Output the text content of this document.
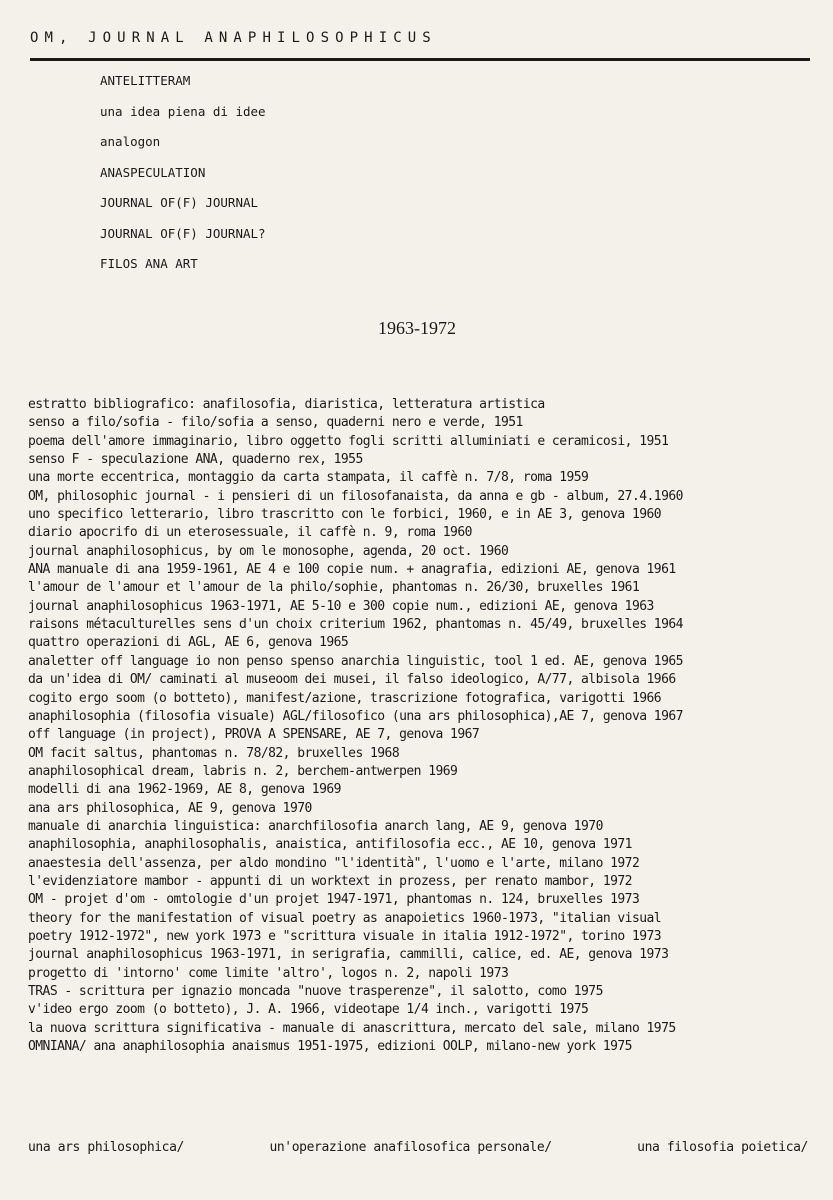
OM, JOURNAL ANAPHILOSOPHICUS
ANTELITTERAM
una idea piena di idee
analogon
ANASPECULATION
JOURNAL OF(F) JOURNAL
JOURNAL OF(F) JOURNAL?
FILOS ANA ART
1963-1972
estratto bibliografico: anafilosofia, diaristica, letteratura artistica
senso a filo/sofia - filo/sofia a senso, quaderni nero e verde, 1951
poema dell'amore immaginario, libro oggetto fogli scritti alluminiati e ceramicosi, 1951
senso F - speculazione ANA, quaderno rex, 1955
una morte eccentrica, montaggio da carta stampata, il caffè n. 7/8, roma 1959
OM, philosophic journal - i pensieri di un filosofanaista, da anna e gb - album, 27.4.1960
uno specifico letterario, libro trascritto con le forbici, 1960, e in AE 3, genova 1960
diario apocrifo di un eterosessuale, il caffè n. 9, roma 1960
journal anaphilosophicus, by om le monosophe, agenda, 20 oct. 1960
ANA manuale di ana 1959-1961, AE 4 e 100 copie num. + anagrafia, edizioni AE, genova 1961
l'amour de l'amour et l'amour de la philo/sophie, phantomas n. 26/30, bruxelles 1961
journal anaphilosophicus 1963-1971, AE 5-10 e 300 copie num., edizioni AE, genova 1963
raisons métaculturelles sens d'un choix criterium 1962, phantomas n. 45/49, bruxelles 1964
quattro operazioni di AGL, AE 6, genova 1965
analetter off language io non penso spenso anarchia linguistic, tool 1 ed. AE, genova 1965
da un'idea di OM/ caminati al museoom dei musei, il falso ideologico, A/77, albisola 1966
cogito ergo soom (o botteto), manifest/azione, trascrizione fotografica, varigotti 1966
anaphilosophia (filosofia visuale) AGL/filosofico (una ars philosophica),AE 7, genova 1967
off language (in project), PROVA A SPENSARE, AE 7, genova 1967
OM facit saltus, phantomas n. 78/82, bruxelles 1968
anaphilosophical dream, labris n. 2, berchem-antwerpen 1969
modelli di ana 1962-1969, AE 8, genova 1969
ana ars philosophica, AE 9, genova 1970
manuale di anarchia linguistica: anarchfilosofia anarch lang, AE 9, genova 1970
anaphilosophia, anaphilosophalis, anaistica, antifilosofia ecc., AE 10, genova 1971
anaestesia dell'assenza, per aldo mondino "l'identità", l'uomo e l'arte, milano 1972
l'evidenziatore mambor - appunti di un worktext in prozess, per renato mambor, 1972
OM - projet d'om - omtologie d'un projet 1947-1971, phantomas n. 124, bruxelles 1973
theory for the manifestation of visual poetry as anapoietics 1960-1973, "italian visual
poetry 1912-1972", new york 1973 e "scrittura visuale in italia 1912-1972", torino 1973
journal anaphilosophicus 1963-1971, in serigrafia, cammilli, calice, ed. AE, genova 1973
progetto di 'intorno' come limite 'altro', logos n. 2, napoli 1973
TRAS - scrittura per ignazio moncada "nuove trasperenze", il salotto, como 1975
v'ideo ergo zoom (o botteto), J. A. 1966, videotape 1/4 inch., varigotti 1975
la nuova scrittura significativa - manuale di anascrittura, mercato del sale, milano 1975
OMNIANA/ ana anaphilosophia anaismus 1951-1975, edizioni OOLP, milano-new york 1975
una ars philosophica/	un'operazione anafilosofica personale/	una filosofia poietica/
